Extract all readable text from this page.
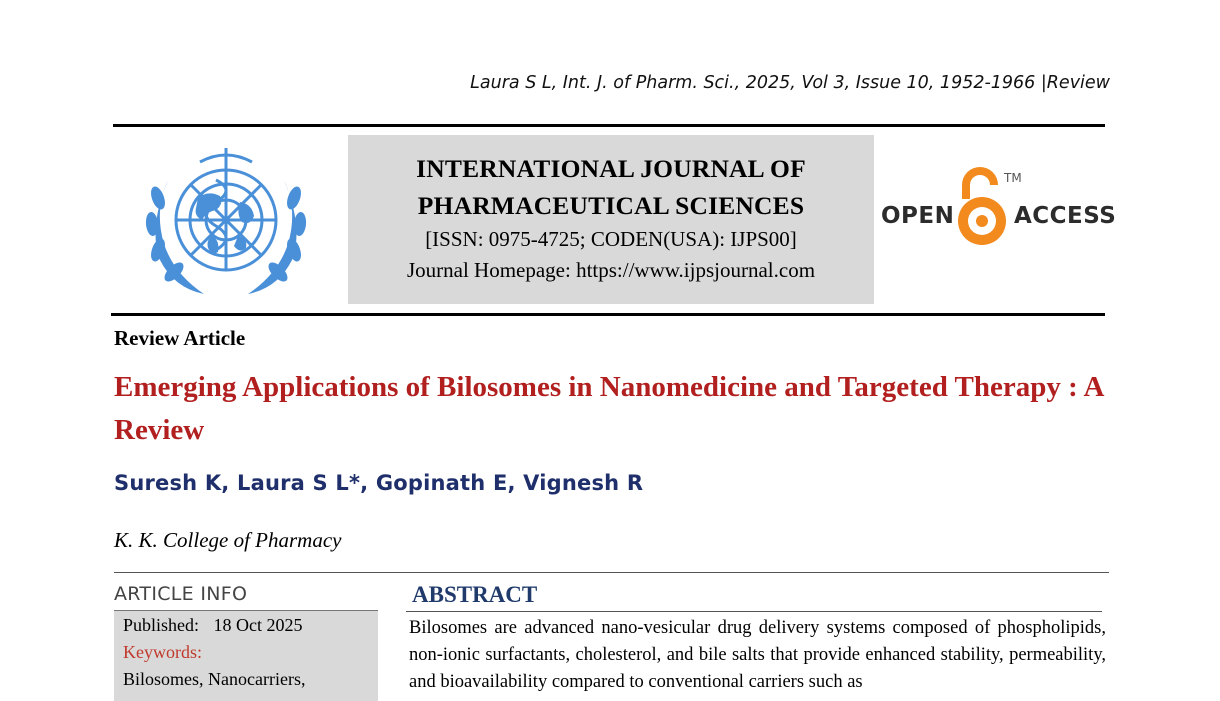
Laura S L, Int. J. of Pharm. Sci., 2025, Vol 3, Issue 10, 1952-1966 |Review
INTERNATIONAL JOURNAL OF
PHARMACEUTICAL SCIENCES
[ISSN: 0975-4725; CODEN(USA): IJPS00]
Journal Homepage: https://www.ijpsjournal.com
OPEN
TM
ACCESS
Review Article
Emerging Applications of Bilosomes in Nanomedicine and Targeted Therapy : A Review
Suresh K, Laura S L*, Gopinath E, Vignesh R
K. K. College of Pharmacy
ARTICLE INFO
Published: 18 Oct 2025
Keywords:
Bilosomes, Nanocarriers,
ABSTRACT
Bilosomes are advanced nano-vesicular drug delivery systems composed of phospholipids, non-ionic surfactants, cholesterol, and bile salts that provide enhanced stability, permeability, and bioavailability compared to conventional carriers such as
